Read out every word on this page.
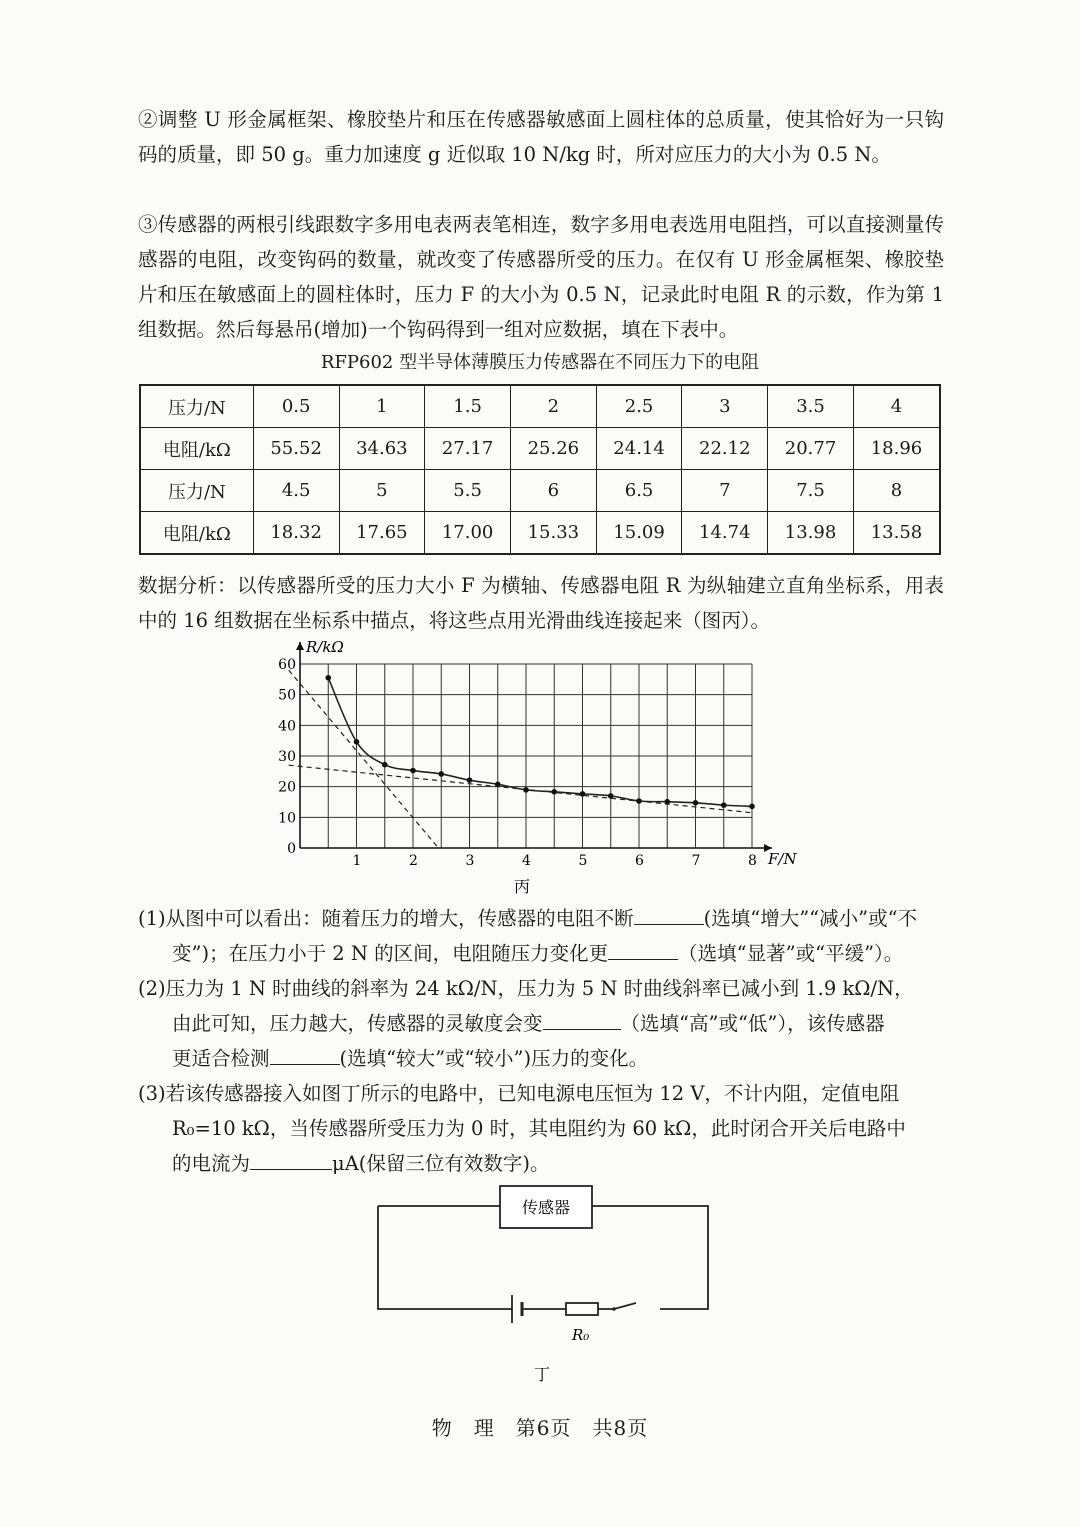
②调整 U 形金属框架、橡胶垫片和压在传感器敏感面上圆柱体的总质量，使其恰好为一只钩码的质量，即 50 g。重力加速度 g 近似取 10 N/kg 时，所对应压力的大小为 0.5 N。

③传感器的两根引线跟数字多用电表两表笔相连，数字多用电表选用电阻挡，可以直接测量传感器的电阻，改变钩码的数量，就改变了传感器所受的压力。在仅有 U 形金属框架、橡胶垫片和压在敏感面上的圆柱体时，压力 F 的大小为 0.5 N，记录此时电阻 R 的示数，作为第 1 组数据。然后每悬吊(增加)一个钩码得到一组对应数据，填在下表中。

RFP602 型半导体薄膜压力传感器在不同压力下的电阻
压力/N	0.5	1	1.5	2	2.5	3	3.5	4
电阻/kΩ	55.52	34.63	27.17	25.26	24.14	22.12	20.77	18.96
压力/N	4.5	5	5.5	6	6.5	7	7.5	8
电阻/kΩ	18.32	17.65	17.00	15.33	15.09	14.74	13.98	13.58

数据分析：以传感器所受的压力大小 F 为横轴、传感器电阻 R 为纵轴建立直角坐标系，用表中的 16 组数据在坐标系中描点，将这些点用光滑曲线连接起来（图丙）。

1	2	3	4	5	6	7	8
0
10
20
30
40
50
60
R/kΩ
F/N
丙

(1)从图中可以看出：随着压力的增大，传感器的电阻不断	(选填“增大”“减小”或“不

变”)；在压力小于 2 N 的区间，电阻随压力变化更	（选填“显著”或“平缓”）。

(2)压力为 1 N 时曲线的斜率为 24 kΩ/N，压力为 5 N 时曲线斜率已减小到 1.9 kΩ/N，

由此可知，压力越大，传感器的灵敏度会变	（选填“高”或“低”），该传感器

更适合检测	(选填“较大”或“较小”)压力的变化。

(3)若该传感器接入如图丁所示的电路中，已知电源电压恒为 12 V，不计内阻，定值电阻

R₀=10 kΩ，当传感器所受压力为 0 时，其电阻约为 60 kΩ，此时闭合开关后电路中

的电流为	μA(保留三位有效数字)。

传感器
R₀
丁
物　理　第6页　共8页
